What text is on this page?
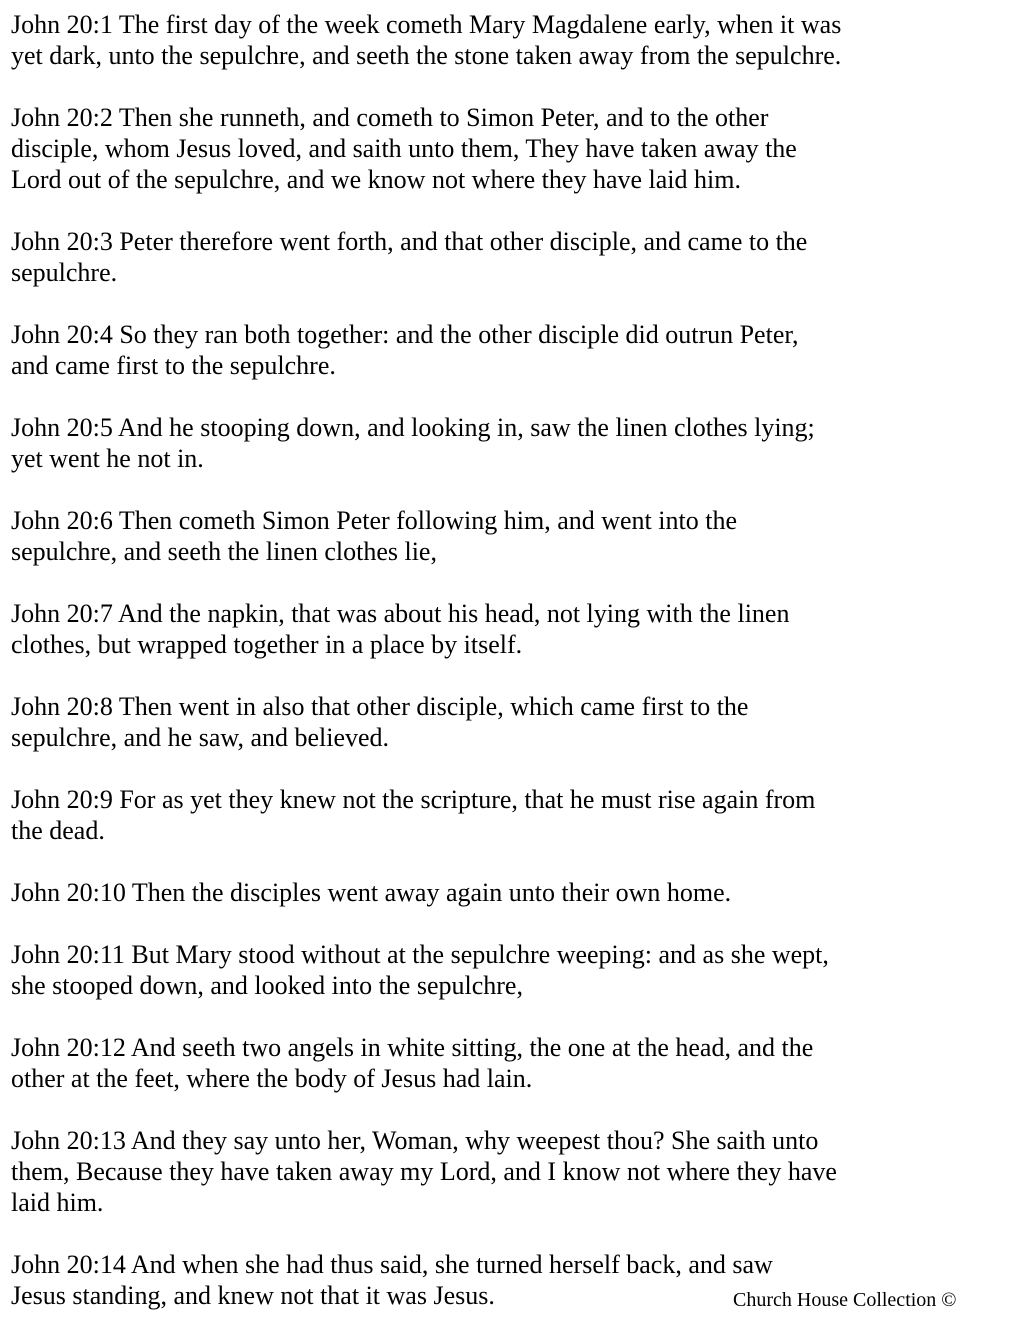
John 20:1 The first day of the week cometh Mary Magdalene early, when it was
yet dark, unto the sepulchre, and seeth the stone taken away from the sepulchre.

John 20:2 Then she runneth, and cometh to Simon Peter, and to the other
disciple, whom Jesus loved, and saith unto them, They have taken away the
Lord out of the sepulchre, and we know not where they have laid him.

John 20:3 Peter therefore went forth, and that other disciple, and came to the
sepulchre.

John 20:4 So they ran both together: and the other disciple did outrun Peter,
and came first to the sepulchre.

John 20:5 And he stooping down, and looking in, saw the linen clothes lying;
yet went he not in.

John 20:6 Then cometh Simon Peter following him, and went into the
sepulchre, and seeth the linen clothes lie,

John 20:7 And the napkin, that was about his head, not lying with the linen
clothes, but wrapped together in a place by itself.

John 20:8 Then went in also that other disciple, which came first to the
sepulchre, and he saw, and believed.

John 20:9 For as yet they knew not the scripture, that he must rise again from
the dead.

John 20:10 Then the disciples went away again unto their own home.

John 20:11 But Mary stood without at the sepulchre weeping: and as she wept,
she stooped down, and looked into the sepulchre,

John 20:12 And seeth two angels in white sitting, the one at the head, and the
other at the feet, where the body of Jesus had lain.

John 20:13 And they say unto her, Woman, why weepest thou? She saith unto
them, Because they have taken away my Lord, and I know not where they have
laid him.

John 20:14 And when she had thus said, she turned herself back, and saw
Jesus standing, and knew not that it was Jesus.	Church House Collection ©
